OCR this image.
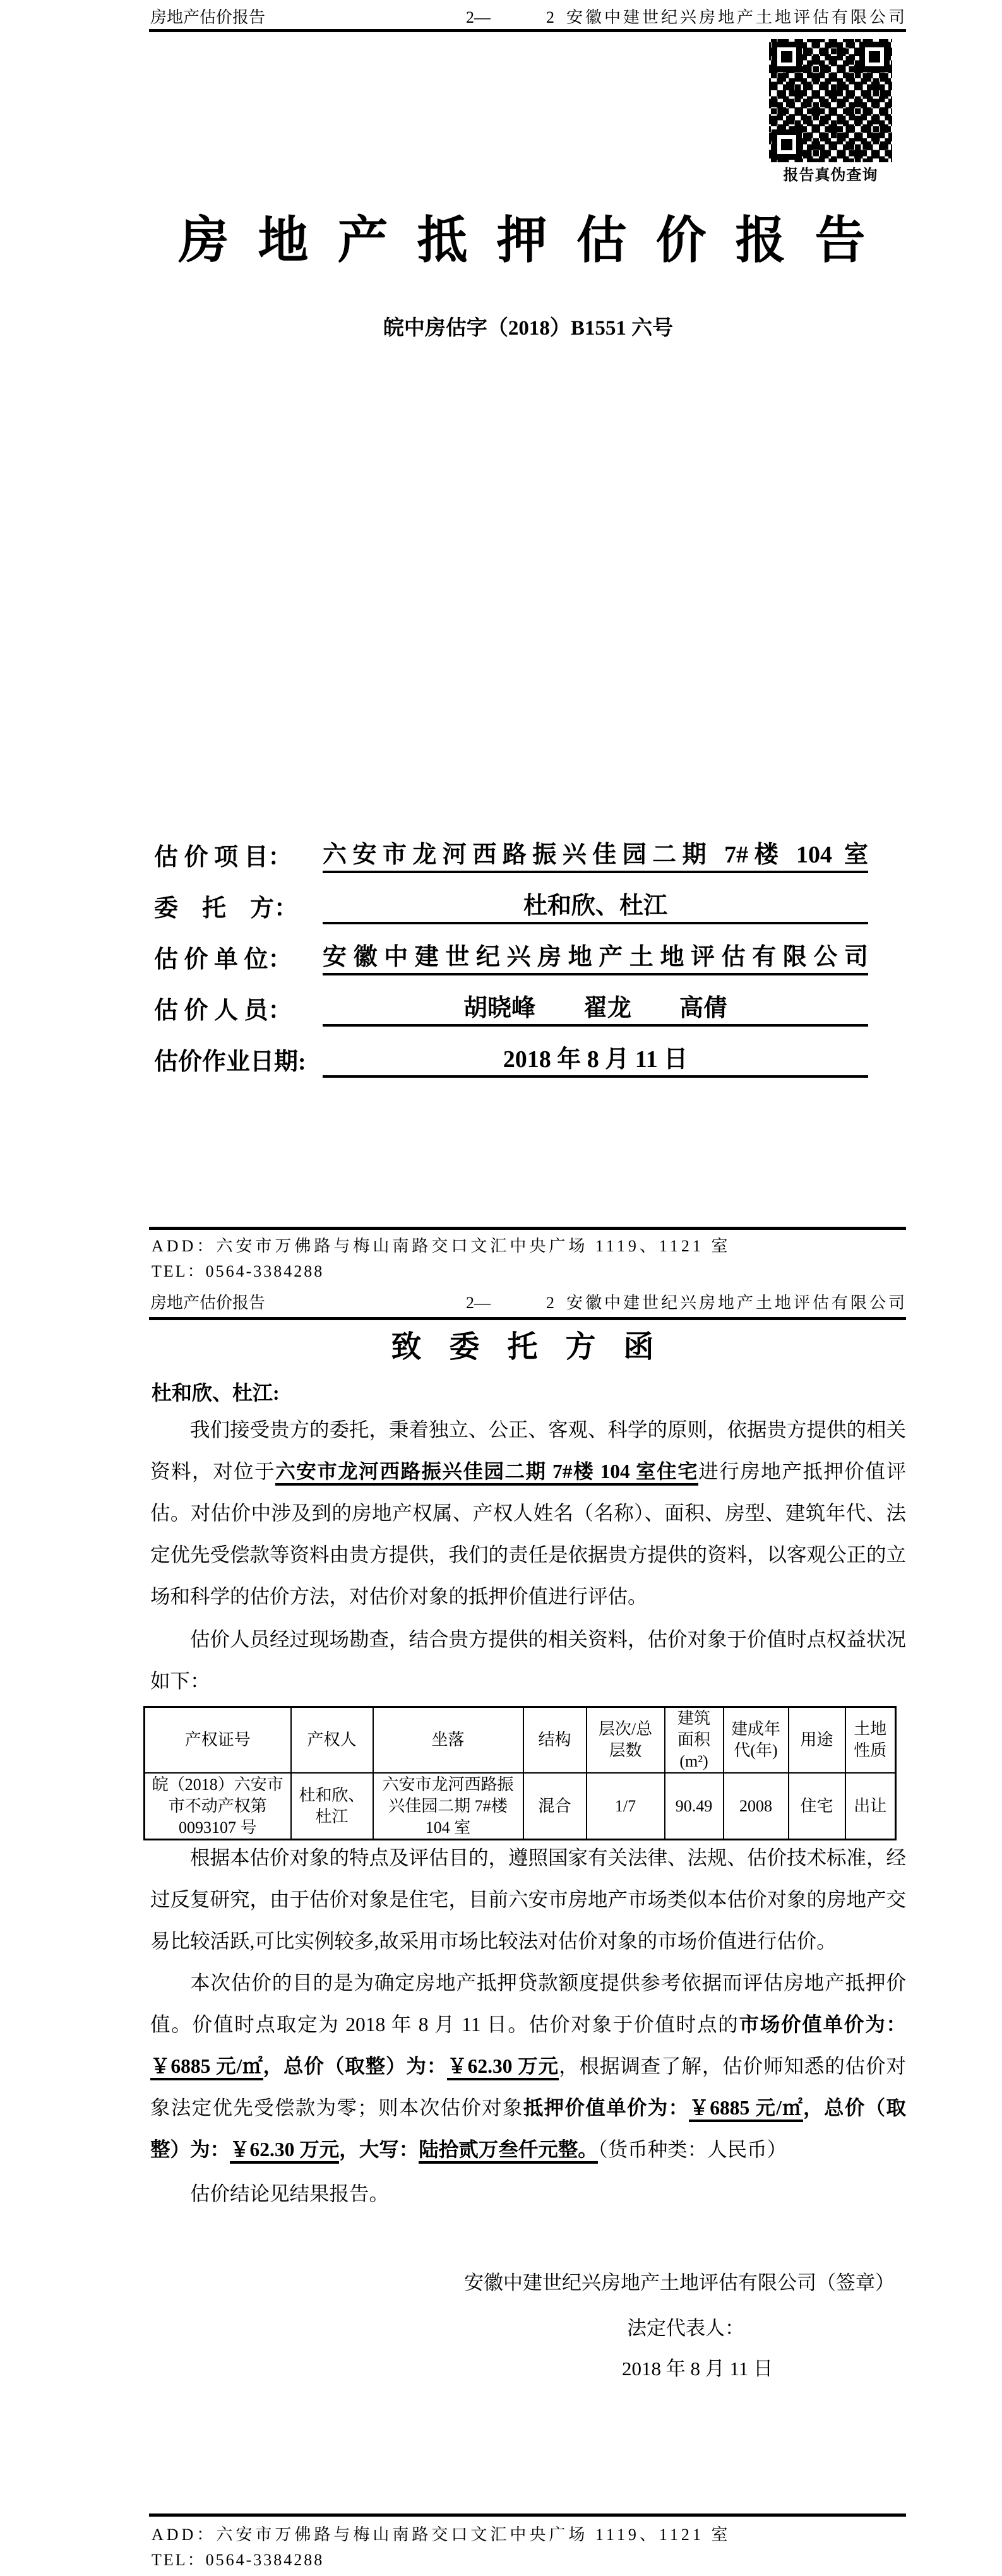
房地产估价报告	2—	2 安徽中建世纪兴房地产土地评估有限公司
报告真伪查询
房地产抵押估价报告
皖中房估字（2018）B1551 六号
估 价 项 目：	六安市龙河西路振兴佳园二期 7#楼 104 室
委　托　方：	杜和欣、杜江
估 价 单 位：	安徽中建世纪兴房地产土地评估有限公司
估 价 人 员：	胡晓峰　　翟龙　　高倩
估价作业日期:	2018 年 8 月 11 日
ADD：六安市万佛路与梅山南路交口文汇中央广场 1119、1121 室
TEL：0564-3384288
房地产估价报告	2—	2 安徽中建世纪兴房地产土地评估有限公司
致委托方函
杜和欣、杜江:
我们接受贵方的委托，秉着独立、公正、客观、科学的原则，依据贵方提供的相关资料，对位于六安市龙河西路振兴佳园二期 7#楼 104 室住宅进行房地产抵押价值评估。对估价中涉及到的房地产权属、产权人姓名（名称）、面积、房型、建筑年代、法定优先受偿款等资料由贵方提供，我们的责任是依据贵方提供的资料，以客观公正的立场和科学的估价方法，对估价对象的抵押价值进行评估。
估价人员经过现场勘查，结合贵方提供的相关资料，估价对象于价值时点权益状况如下：
产权证号	产权人	坐落	结构	层次/总层数	建筑面积(m²)	建成年代(年)	用途	土地性质
皖（2018）六安市市不动产权第0093107 号	杜和欣、杜江	六安市龙河西路振兴佳园二期 7#楼 104 室	混合	1/7	90.49	2008	住宅	出让
根据本估价对象的特点及评估目的，遵照国家有关法律、法规、估价技术标准，经过反复研究，由于估价对象是住宅，目前六安市房地产市场类似本估价对象的房地产交易比较活跃,可比实例较多,故采用市场比较法对估价对象的市场价值进行估价。
本次估价的目的是为确定房地产抵押贷款额度提供参考依据而评估房地产抵押价值。价值时点取定为 2018 年 8 月 11 日。估价对象于价值时点的市场价值单价为：￥6885 元/㎡，总价（取整）为：￥62.30 万元，根据调查了解，估价师知悉的估价对象法定优先受偿款为零；则本次估价对象抵押价值单价为：￥6885 元/㎡，总价（取整）为：￥62.30 万元，大写：陆拾贰万叁仟元整。（货币种类：人民币）
估价结论见结果报告。
安徽中建世纪兴房地产土地评估有限公司（签章）
法定代表人：
2018 年 8 月 11 日
ADD：六安市万佛路与梅山南路交口文汇中央广场 1119、1121 室
TEL：0564-3384288
